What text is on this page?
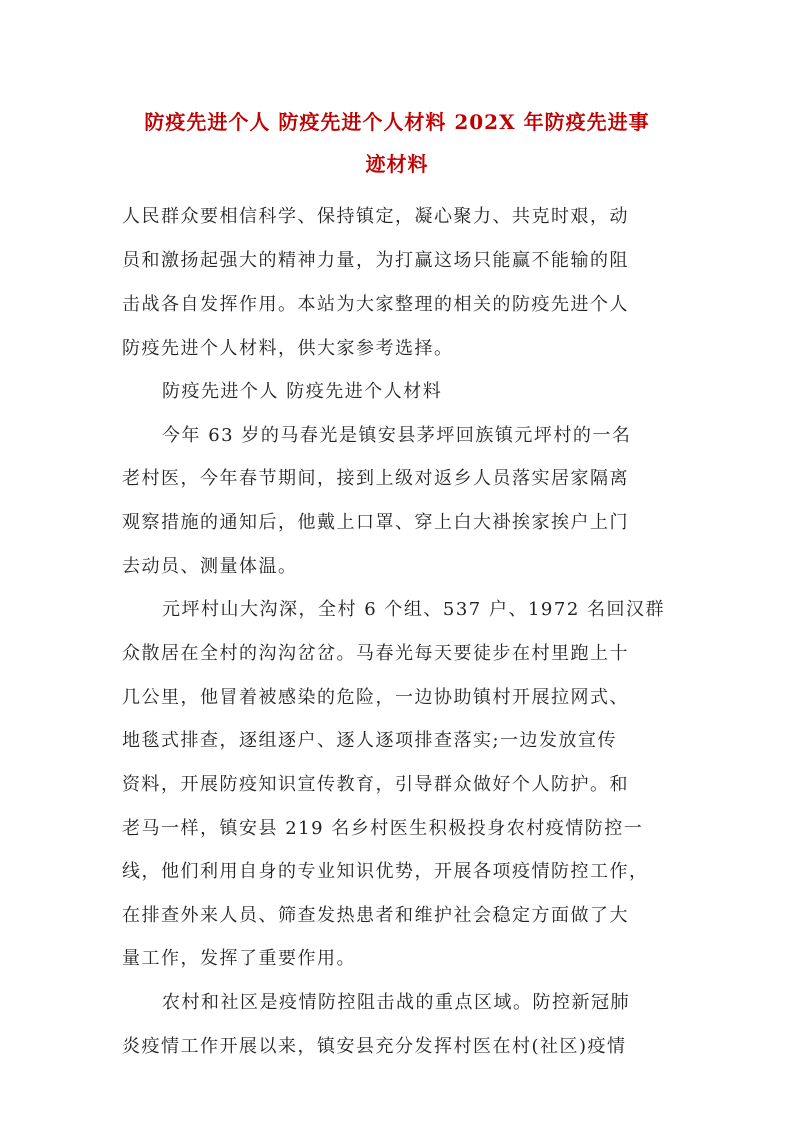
防疫先进个人 防疫先进个人材料 202X 年防疫先进事
迹材料
人民群众要相信科学、保持镇定，凝心聚力、共克时艰，动
员和激扬起强大的精神力量，为打赢这场只能赢不能输的阻
击战各自发挥作用。本站为大家整理的相关的防疫先进个人
防疫先进个人材料，供大家参考选择。
防疫先进个人 防疫先进个人材料
今年 63 岁的马春光是镇安县茅坪回族镇元坪村的一名
老村医，今年春节期间，接到上级对返乡人员落实居家隔离
观察措施的通知后，他戴上口罩、穿上白大褂挨家挨户上门
去动员、测量体温。
元坪村山大沟深，全村 6 个组、537 户、1972 名回汉群
众散居在全村的沟沟岔岔。马春光每天要徒步在村里跑上十
几公里，他冒着被感染的危险，一边协助镇村开展拉网式、
地毯式排查，逐组逐户、逐人逐项排查落实;一边发放宣传
资料，开展防疫知识宣传教育，引导群众做好个人防护。和
老马一样，镇安县 219 名乡村医生积极投身农村疫情防控一
线，他们利用自身的专业知识优势，开展各项疫情防控工作，
在排查外来人员、筛查发热患者和维护社会稳定方面做了大
量工作，发挥了重要作用。
农村和社区是疫情防控阻击战的重点区域。防控新冠肺
炎疫情工作开展以来，镇安县充分发挥村医在村(社区)疫情
